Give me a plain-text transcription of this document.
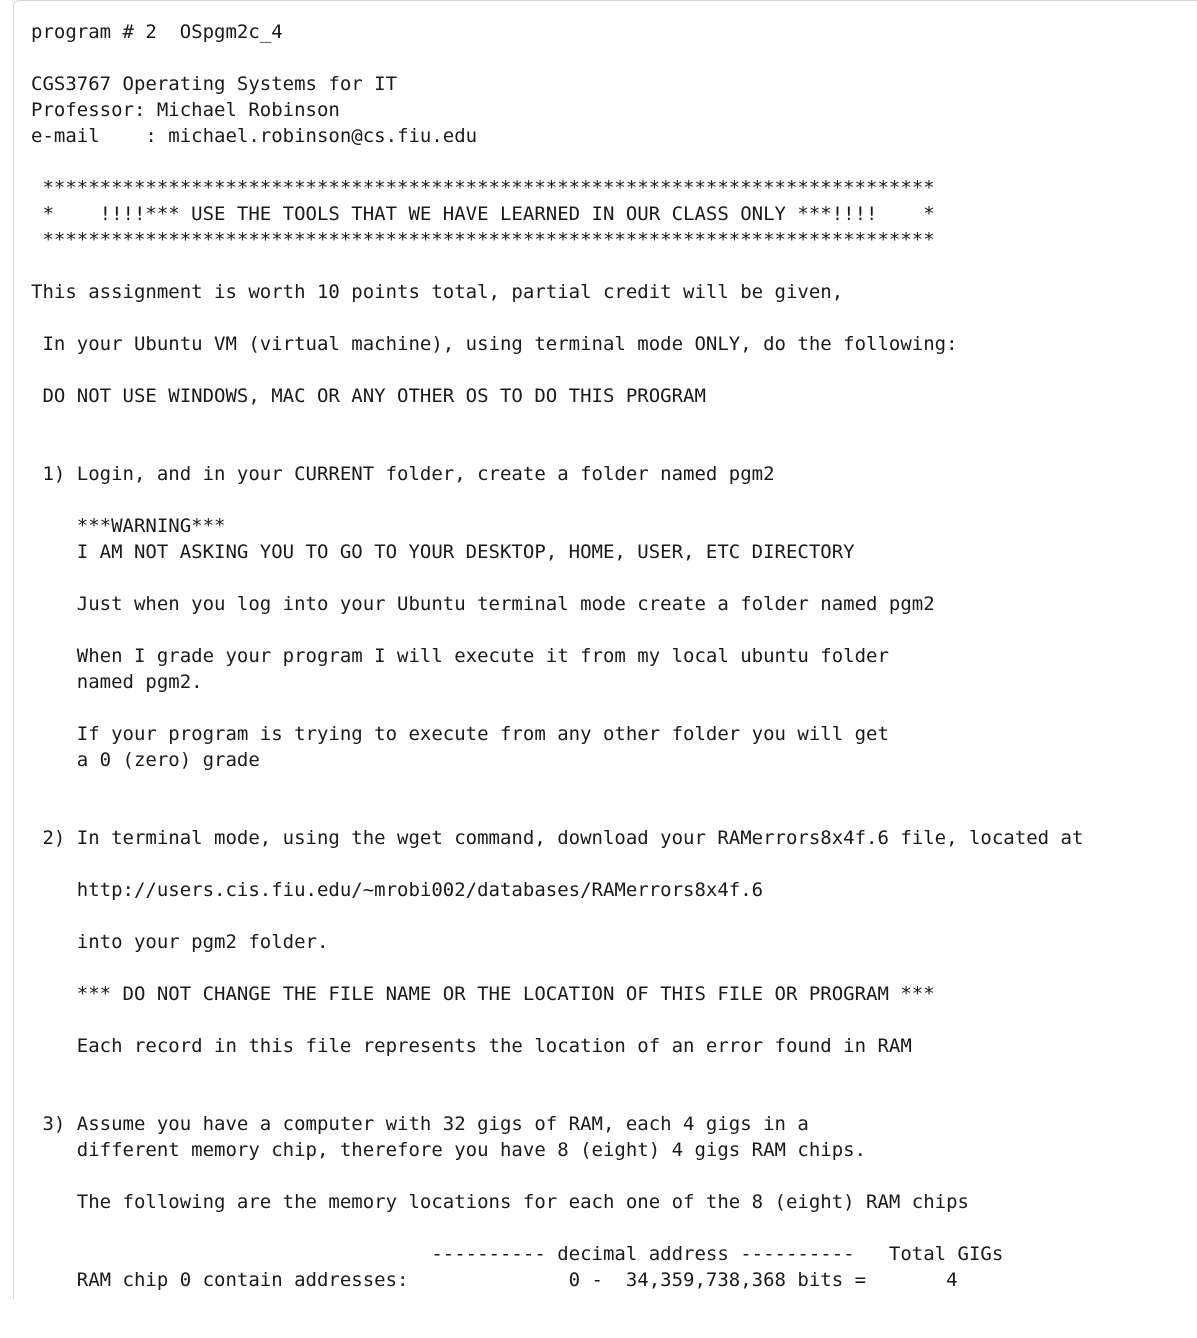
program # 2  OSpgm2c_4
CGS3767 Operating Systems for IT
Professor: Michael Robinson
e-mail    : michael.robinson@cs.fiu.edu
******************************************************************************
*    !!!!*** USE THE TOOLS THAT WE HAVE LEARNED IN OUR CLASS ONLY ***!!!!    *
******************************************************************************
This assignment is worth 10 points total, partial credit will be given,
In your Ubuntu VM (virtual machine), using terminal mode ONLY, do the following:
DO NOT USE WINDOWS, MAC OR ANY OTHER OS TO DO THIS PROGRAM
1) Login, and in your CURRENT folder, create a folder named pgm2
***WARNING***
I AM NOT ASKING YOU TO GO TO YOUR DESKTOP, HOME, USER, ETC DIRECTORY
Just when you log into your Ubuntu terminal mode create a folder named pgm2
When I grade your program I will execute it from my local ubuntu folder
named pgm2.
If your program is trying to execute from any other folder you will get
a 0 (zero) grade
2) In terminal mode, using the wget command, download your RAMerrors8x4f.6 file, located at
http://users.cis.fiu.edu/~mrobi002/databases/RAMerrors8x4f.6
into your pgm2 folder.
*** DO NOT CHANGE THE FILE NAME OR THE LOCATION OF THIS FILE OR PROGRAM ***
Each record in this file represents the location of an error found in RAM
3) Assume you have a computer with 32 gigs of RAM, each 4 gigs in a
different memory chip, therefore you have 8 (eight) 4 gigs RAM chips.
The following are the memory locations for each one of the 8 (eight) RAM chips
---------- decimal address ----------   Total GIGs
RAM chip 0 contain addresses:              0 -  34,359,738,368 bits =       4
